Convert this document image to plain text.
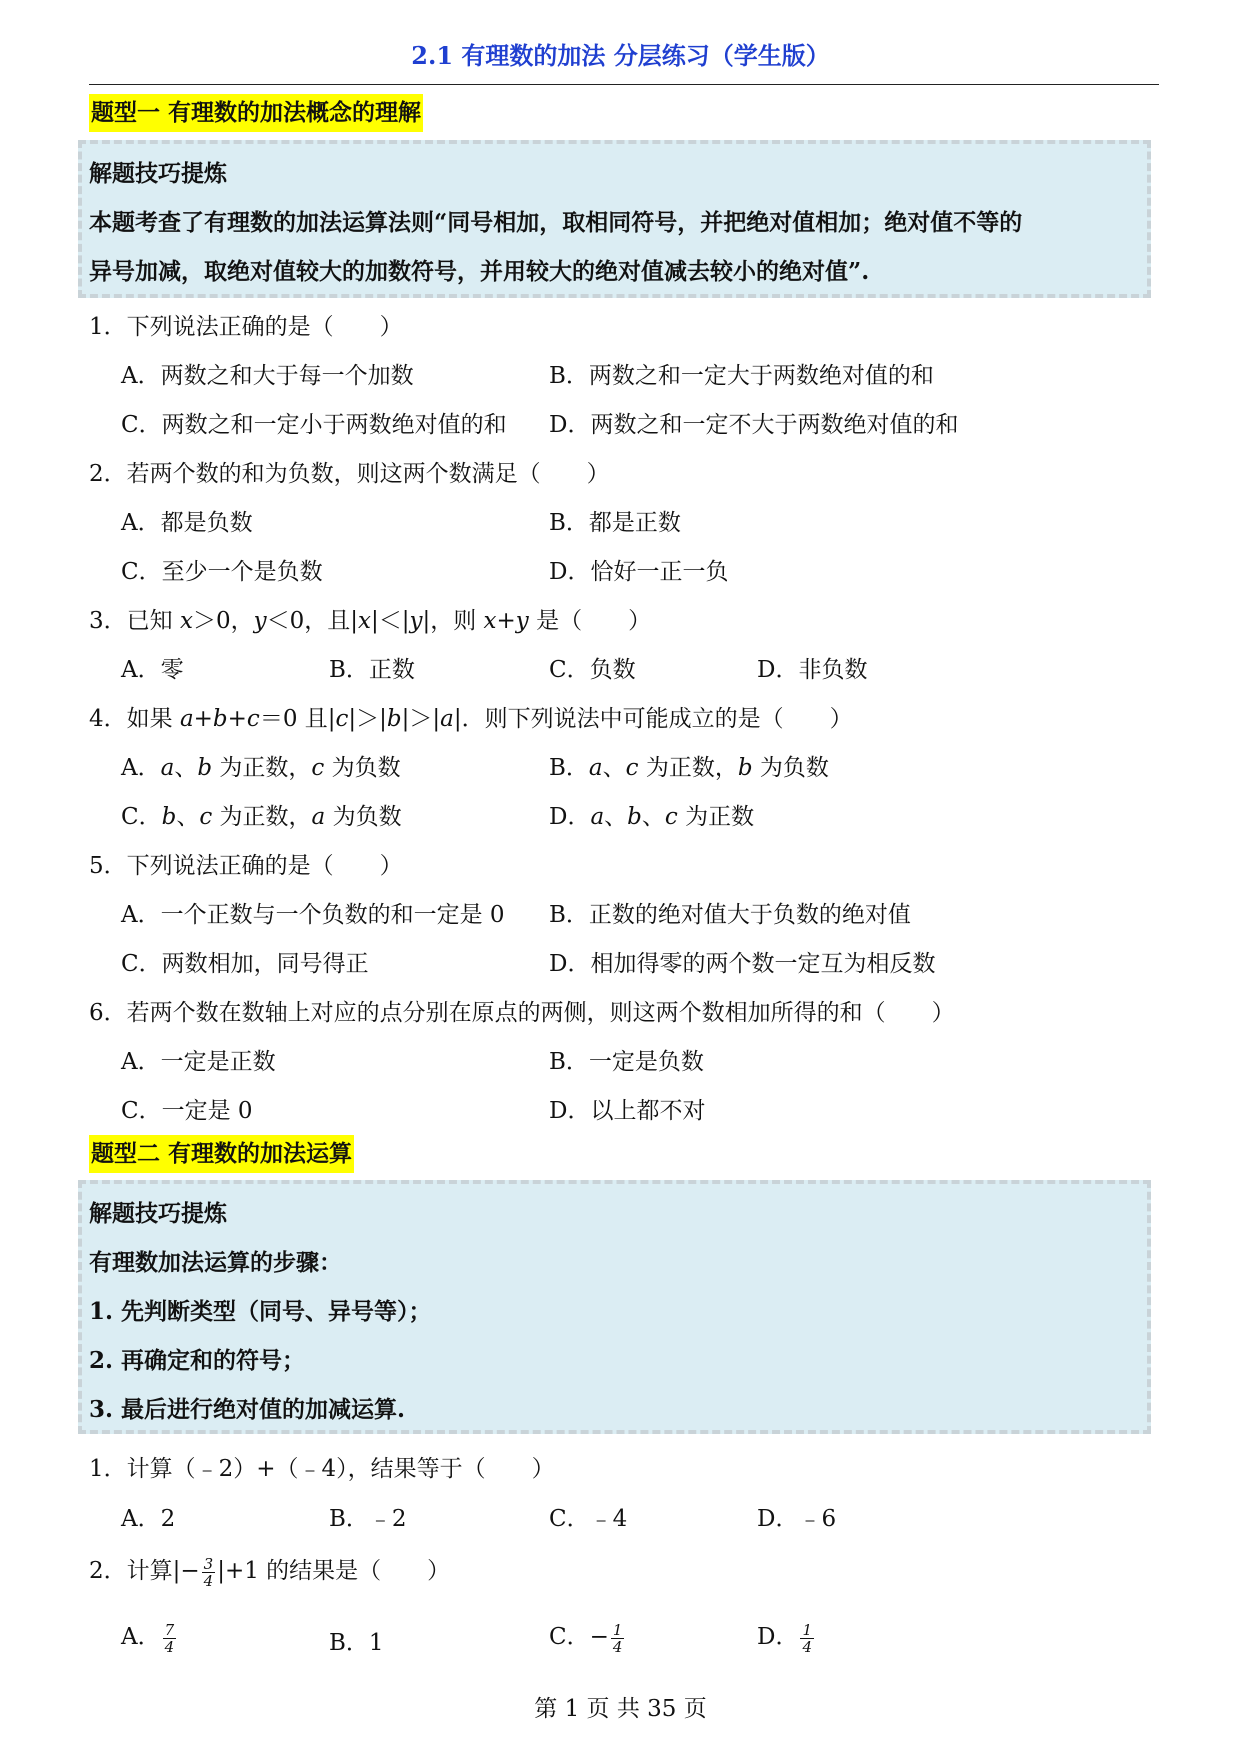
2.1 有理数的加法 分层练习（学生版）
题型一 有理数的加法概念的理解
解题技巧提炼
本题考查了有理数的加法运算法则“同号相加，取相同符号，并把绝对值相加；绝对值不等的
异号加减，取绝对值较大的加数符号，并用较大的绝对值减去较小的绝对值”.
1．下列说法正确的是（　　）
A．两数之和大于每一个加数	B．两数之和一定大于两数绝对值的和
C．两数之和一定小于两数绝对值的和 D．两数之和一定不大于两数绝对值的和
2．若两个数的和为负数，则这两个数满足（　　）
A．都是负数	B．都是正数
C．至少一个是负数	D．恰好一正一负
3．已知 x＞0，y＜0，且|x|＜|y|，则 x+y 是（　　）
A．零	B．正数	C．负数	D．非负数
4．如果 a+b+c＝0 且|c|＞|b|＞|a|．则下列说法中可能成立的是（　　）
A．a、b 为正数，c 为负数	B．a、c 为正数，b 为负数
C．b、c 为正数，a 为负数	D．a、b、c 为正数
5．下列说法正确的是（　　）
A．一个正数与一个负数的和一定是 0 B．正数的绝对值大于负数的绝对值
C．两数相加，同号得正	D．相加得零的两个数一定互为相反数
6．若两个数在数轴上对应的点分别在原点的两侧，则这两个数相加所得的和（　　）
A．一定是正数	B．一定是负数
C．一定是 0	D．以上都不对
题型二 有理数的加法运算
解题技巧提炼
有理数加法运算的步骤：
1. 先判断类型（同号、异号等）；
2. 再确定和的符号；
3. 最后进行绝对值的加减运算.
1．计算（﹣2）+（﹣4），结果等于（　　）
A．2	B．﹣2	C．﹣4	D．﹣6
2．计算|− $\frac{3}{4} |+1$ 的结果是（　　）
A． $\frac{7}{4}$	B．1	C．− $\frac{1}{4}$	D． $\frac{1}{4}$
第 1 页 共 35 页
